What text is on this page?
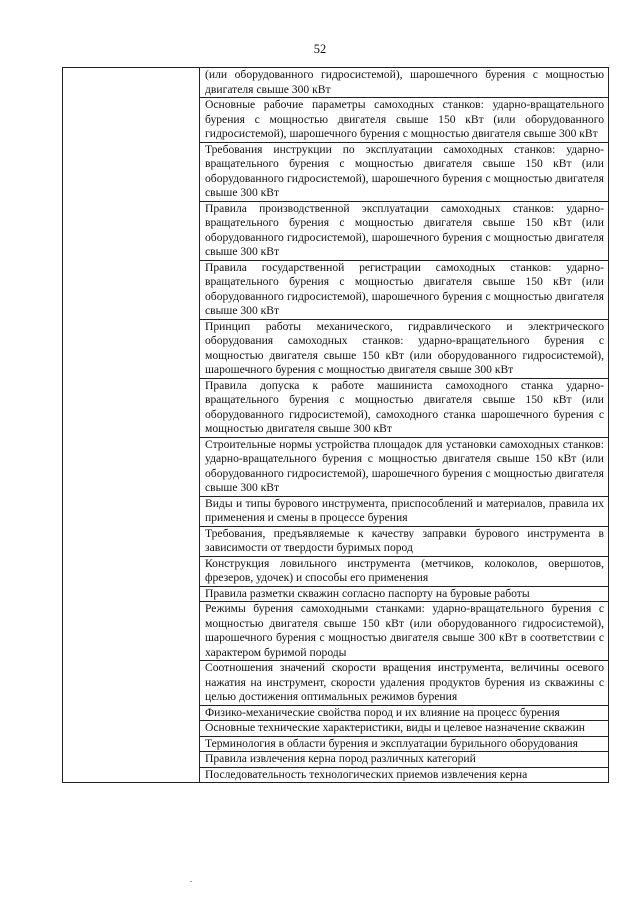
52
	(или оборудованного гидросистемой), шарошечного бурения с мощностью двигателя свыше 300 кВт
Основные рабочие параметры самоходных станков: ударно-вращательного бурения с мощностью двигателя свыше 150 кВт (или оборудованного гидросистемой), шарошечного бурения с мощностью двигателя свыше 300 кВт
Требования инструкции по эксплуатации самоходных станков: ударно-вращательного бурения с мощностью двигателя свыше 150 кВт (или оборудованного гидросистемой), шарошечного бурения с мощностью двигателя свыше 300 кВт
Правила производственной эксплуатации самоходных станков: ударно-вращательного бурения с мощностью двигателя свыше 150 кВт (или оборудованного гидросистемой), шарошечного бурения с мощностью двигателя свыше 300 кВт
Правила государственной регистрации самоходных станков: ударно-вращательного бурения с мощностью двигателя свыше 150 кВт (или оборудованного гидросистемой), шарошечного бурения с мощностью двигателя свыше 300 кВт
Принцип работы механического, гидравлического и электрического оборудования самоходных станков: ударно-вращательного бурения с мощностью двигателя свыше 150 кВт (или оборудованного гидросистемой), шарошечного бурения с мощностью двигателя свыше 300 кВт
Правила допуска к работе машиниста самоходного станка ударно-вращательного бурения с мощностью двигателя свыше 150 кВт (или оборудованного гидросистемой), самоходного станка шарошечного бурения с мощностью двигателя свыше 300 кВт
Строительные нормы устройства площадок для установки самоходных станков: ударно-вращательного бурения с мощностью двигателя свыше 150 кВт (или оборудованного гидросистемой), шарошечного бурения с мощностью двигателя свыше 300 кВт
Виды и типы бурового инструмента, приспособлений и материалов, правила их применения и смены в процессе бурения
Требования, предъявляемые к качеству заправки бурового инструмента в зависимости от твердости буримых пород
Конструкция ловильного инструмента (метчиков, колоколов, овершотов, фрезеров, удочек) и способы его применения
Правила разметки скважин согласно паспорту на буровые работы
Режимы бурения самоходными станками: ударно-вращательного бурения с мощностью двигателя свыше 150 кВт (или оборудованного гидросистемой), шарошечного бурения с мощностью двигателя свыше 300 кВт в соответствии с характером буримой породы
Соотношения значений скорости вращения инструмента, величины осевого нажатия на инструмент, скорости удаления продуктов бурения из скважины с целью достижения оптимальных режимов бурения
Физико-механические свойства пород и их влияние на процесс бурения
Основные технические характеристики, виды и целевое назначение скважин
Терминология в области бурения и эксплуатации бурильного оборудования
Правила извлечения керна пород различных категорий
Последовательность технологических приемов извлечения керна
